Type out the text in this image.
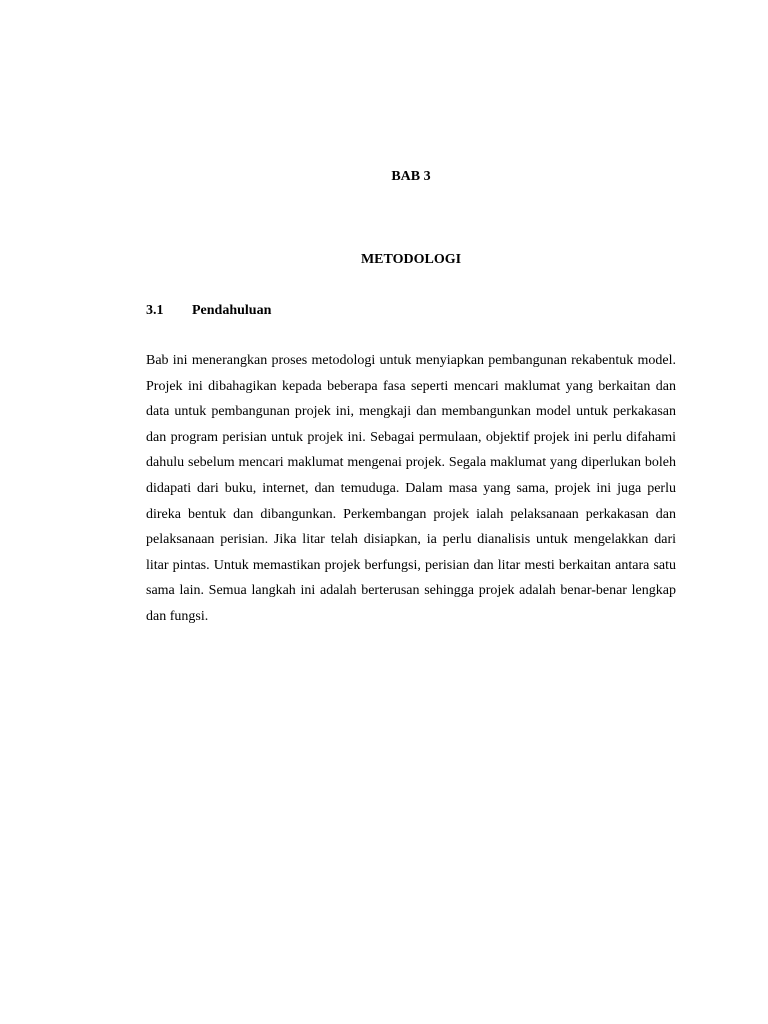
BAB 3
METODOLOGI
3.1 Pendahuluan

Bab ini menerangkan proses metodologi untuk menyiapkan pembangunan rekabentuk model. Projek ini dibahagikan kepada beberapa fasa seperti mencari maklumat yang berkaitan dan data untuk pembangunan projek ini, mengkaji dan membangunkan model untuk perkakasan dan program perisian untuk projek ini. Sebagai permulaan, objektif projek ini perlu difahami dahulu sebelum mencari maklumat mengenai projek. Segala maklumat yang diperlukan boleh didapati dari buku, internet, dan temuduga. Dalam masa yang sama, projek ini juga perlu direka bentuk dan dibangunkan. Perkembangan projek ialah pelaksanaan perkakasan dan pelaksanaan perisian. Jika litar telah disiapkan, ia perlu dianalisis untuk mengelakkan dari litar pintas. Untuk memastikan projek berfungsi, perisian dan litar mesti berkaitan antara satu sama lain. Semua langkah ini adalah berterusan sehingga projek adalah benar-benar lengkap dan fungsi.
